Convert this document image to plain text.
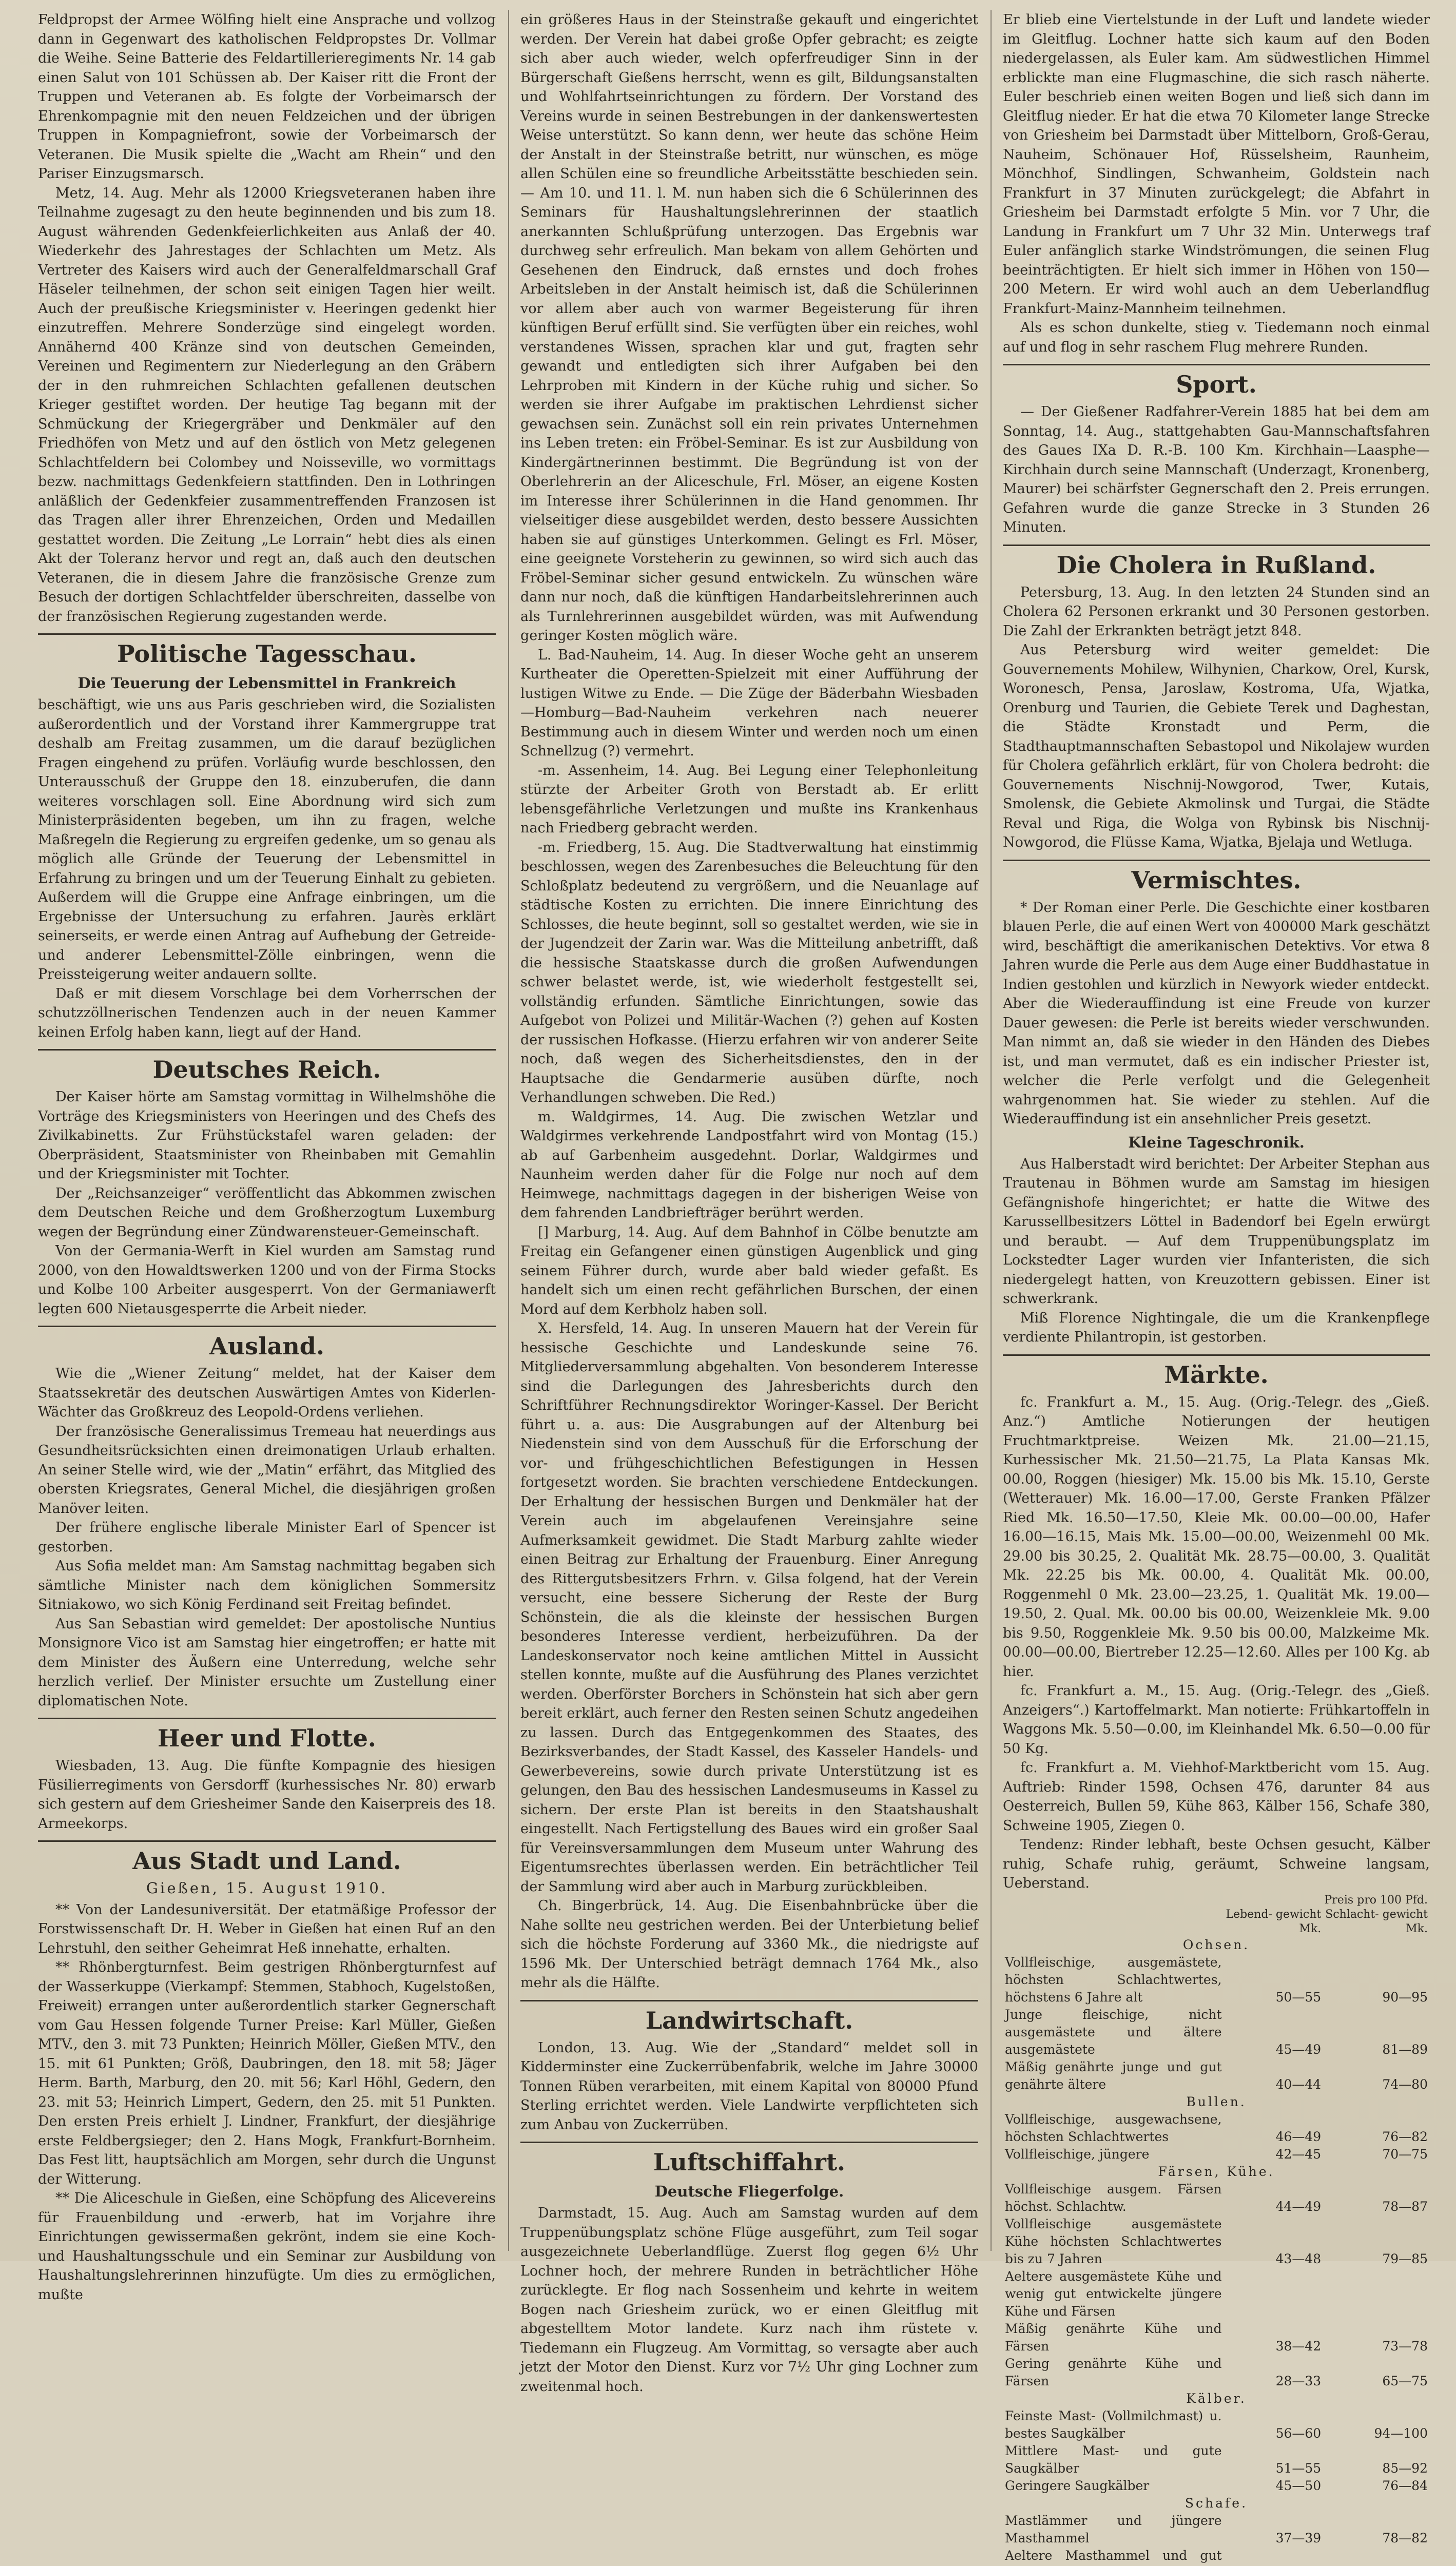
Feldpropst der Armee Wölfing hielt eine Ansprache und vollzog dann in Gegenwart des katholischen Feldpropstes Dr. Vollmar die Weihe. Seine Batterie des Feldartillerieregiments Nr. 14 gab einen Salut von 101 Schüssen ab. Der Kaiser ritt die Front der Truppen und Veteranen ab. Es folgte der Vorbeimarsch der Ehrenkompagnie mit den neuen Feldzeichen und der übrigen Truppen in Kompagniefront, sowie der Vorbeimarsch der Veteranen. Die Musik spielte die „Wacht am Rhein“ und den Pariser Einzugsmarsch.

Metz, 14. Aug. Mehr als 12000 Kriegsveteranen haben ihre Teilnahme zugesagt zu den heute beginnenden und bis zum 18. August währenden Gedenkfeierlichkeiten aus Anlaß der 40. Wiederkehr des Jahrestages der Schlachten um Metz. Als Vertreter des Kaisers wird auch der Generalfeldmarschall Graf Häseler teilnehmen, der schon seit einigen Tagen hier weilt. Auch der preußische Kriegsminister v. Heeringen gedenkt hier einzutreffen. Mehrere Sonderzüge sind eingelegt worden. Annähernd 400 Kränze sind von deutschen Gemeinden, Vereinen und Regimentern zur Niederlegung an den Gräbern der in den ruhmreichen Schlachten gefallenen deutschen Krieger gestiftet worden. Der heutige Tag begann mit der Schmückung der Kriegergräber und Denkmäler auf den Friedhöfen von Metz und auf den östlich von Metz gelegenen Schlachtfeldern bei Colombey und Noisseville, wo vormittags bezw. nachmittags Gedenkfeiern stattfinden. Den in Lothringen anläßlich der Gedenkfeier zusammentreffenden Franzosen ist das Tragen aller ihrer Ehrenzeichen, Orden und Medaillen gestattet worden. Die Zeitung „Le Lorrain“ hebt dies als einen Akt der Toleranz hervor und regt an, daß auch den deutschen Veteranen, die in diesem Jahre die französische Grenze zum Besuch der dortigen Schlachtfelder überschreiten, dasselbe von der französischen Regierung zugestanden werde.

Politische Tagesschau.
Die Teuerung der Lebensmittel in Frankreich

beschäftigt, wie uns aus Paris geschrieben wird, die Sozialisten außerordentlich und der Vorstand ihrer Kammergruppe trat deshalb am Freitag zusammen, um die darauf bezüglichen Fragen eingehend zu prüfen. Vorläufig wurde beschlossen, den Unterausschuß der Gruppe den 18. einzuberufen, die dann weiteres vorschlagen soll. Eine Abordnung wird sich zum Ministerpräsidenten begeben, um ihn zu fragen, welche Maßregeln die Regierung zu ergreifen gedenke, um so genau als möglich alle Gründe der Teuerung der Lebensmittel in Erfahrung zu bringen und um der Teuerung Einhalt zu gebieten. Außerdem will die Gruppe eine Anfrage einbringen, um die Ergebnisse der Untersuchung zu erfahren. Jaurès erklärt seinerseits, er werde einen Antrag auf Aufhebung der Getreide- und anderer Lebensmittel-Zölle einbringen, wenn die Preissteigerung weiter andauern sollte.

Daß er mit diesem Vorschlage bei dem Vorherrschen der schutzzöllnerischen Tendenzen auch in der neuen Kammer keinen Erfolg haben kann, liegt auf der Hand.

Deutsches Reich.

Der Kaiser hörte am Samstag vormittag in Wilhelmshöhe die Vorträge des Kriegsministers von Heeringen und des Chefs des Zivilkabinetts. Zur Frühstückstafel waren geladen: der Oberpräsident, Staatsminister von Rheinbaben mit Gemahlin und der Kriegsminister mit Tochter.

Der „Reichsanzeiger“ veröffentlicht das Abkommen zwischen dem Deutschen Reiche und dem Großherzogtum Luxemburg wegen der Begründung einer Zündwarensteuer-Gemeinschaft.

Von der Germania-Werft in Kiel wurden am Samstag rund 2000, von den Howaldtswerken 1200 und von der Firma Stocks und Kolbe 100 Arbeiter ausgesperrt. Von der Germaniawerft legten 600 Nietausgesperrte die Arbeit nieder.

Ausland.

Wie die „Wiener Zeitung“ meldet, hat der Kaiser dem Staatssekretär des deutschen Auswärtigen Amtes von Kiderlen-Wächter das Großkreuz des Leopold-Ordens verliehen.

Der französische Generalissimus Tremeau hat neuerdings aus Gesundheitsrücksichten einen dreimonatigen Urlaub erhalten. An seiner Stelle wird, wie der „Matin“ erfährt, das Mitglied des obersten Kriegsrates, General Michel, die diesjährigen großen Manöver leiten.

Der frühere englische liberale Minister Earl of Spencer ist gestorben.

Aus Sofia meldet man: Am Samstag nachmittag begaben sich sämtliche Minister nach dem königlichen Sommersitz Sitniakowo, wo sich König Ferdinand seit Freitag befindet.

Aus San Sebastian wird gemeldet: Der apostolische Nuntius Monsignore Vico ist am Samstag hier eingetroffen; er hatte mit dem Minister des Äußern eine Unterredung, welche sehr herzlich verlief. Der Minister ersuchte um Zustellung einer diplomatischen Note.

Heer und Flotte.

Wiesbaden, 13. Aug. Die fünfte Kompagnie des hiesigen Füsilierregiments von Gersdorff (kurhessisches Nr. 80) erwarb sich gestern auf dem Griesheimer Sande den Kaiserpreis des 18. Armeekorps.

Aus Stadt und Land.
Gießen, 15. August 1910.

** Von der Landesuniversität. Der etatmäßige Professor der Forstwissenschaft Dr. H. Weber in Gießen hat einen Ruf an den Lehrstuhl, den seither Geheimrat Heß innehatte, erhalten.

** Rhönbergturnfest. Beim gestrigen Rhönbergturnfest auf der Wasserkuppe (Vierkampf: Stemmen, Stabhoch, Kugelstoßen, Freiweit) errangen unter außerordentlich starker Gegnerschaft vom Gau Hessen folgende Turner Preise: Karl Müller, Gießen MTV., den 3. mit 73 Punkten; Heinrich Möller, Gießen MTV., den 15. mit 61 Punkten; Größ, Daubringen, den 18. mit 58; Jäger Herm. Barth, Marburg, den 20. mit 56; Karl Höhl, Gedern, den 23. mit 53; Heinrich Limpert, Gedern, den 25. mit 51 Punkten. Den ersten Preis erhielt J. Lindner, Frankfurt, der diesjährige erste Feldbergsieger; den 2. Hans Mogk, Frankfurt-Bornheim. Das Fest litt, hauptsächlich am Morgen, sehr durch die Ungunst der Witterung.

** Die Aliceschule in Gießen, eine Schöpfung des Alicevereins für Frauenbildung und -erwerb, hat im Vorjahre ihre Einrichtungen gewissermaßen gekrönt, indem sie eine Koch- und Haushaltungsschule und ein Seminar zur Ausbildung von Haushaltungslehrerinnen hinzufügte. Um dies zu ermöglichen, mußte

ein größeres Haus in der Steinstraße gekauft und eingerichtet werden. Der Verein hat dabei große Opfer gebracht; es zeigte sich aber auch wieder, welch opferfreudiger Sinn in der Bürgerschaft Gießens herrscht, wenn es gilt, Bildungsanstalten und Wohlfahrtseinrichtungen zu fördern. Der Vorstand des Vereins wurde in seinen Bestrebungen in der dankenswertesten Weise unterstützt. So kann denn, wer heute das schöne Heim der Anstalt in der Steinstraße betritt, nur wünschen, es möge allen Schülen eine so freundliche Arbeitsstätte beschieden sein. — Am 10. und 11. l. M. nun haben sich die 6 Schülerinnen des Seminars für Haushaltungslehrerinnen der staatlich anerkannten Schlußprüfung unterzogen. Das Ergebnis war durchweg sehr erfreulich. Man bekam von allem Gehörten und Gesehenen den Eindruck, daß ernstes und doch frohes Arbeitsleben in der Anstalt heimisch ist, daß die Schülerinnen vor allem aber auch von warmer Begeisterung für ihren künftigen Beruf erfüllt sind. Sie verfügten über ein reiches, wohl verstandenes Wissen, sprachen klar und gut, fragten sehr gewandt und entledigten sich ihrer Aufgaben bei den Lehrproben mit Kindern in der Küche ruhig und sicher. So werden sie ihrer Aufgabe im praktischen Lehrdienst sicher gewachsen sein. Zunächst soll ein rein privates Unternehmen ins Leben treten: ein Fröbel-Seminar. Es ist zur Ausbildung von Kindergärtnerinnen bestimmt. Die Begründung ist von der Oberlehrerin an der Aliceschule, Frl. Möser, an eigene Kosten im Interesse ihrer Schülerinnen in die Hand genommen. Ihr vielseitiger diese ausgebildet werden, desto bessere Aussichten haben sie auf günstiges Unterkommen. Gelingt es Frl. Möser, eine geeignete Vorsteherin zu gewinnen, so wird sich auch das Fröbel-Seminar sicher gesund entwickeln. Zu wünschen wäre dann nur noch, daß die künftigen Handarbeitslehrerinnen auch als Turnlehrerinnen ausgebildet würden, was mit Aufwendung geringer Kosten möglich wäre.

L. Bad-Nauheim, 14. Aug. In dieser Woche geht an unserem Kurtheater die Operetten-Spielzeit mit einer Aufführung der lustigen Witwe zu Ende. — Die Züge der Bäderbahn Wiesbaden—Homburg—Bad-Nauheim verkehren nach neuerer Bestimmung auch in diesem Winter und werden noch um einen Schnellzug (?) vermehrt.

-m. Assenheim, 14. Aug. Bei Legung einer Telephonleitung stürzte der Arbeiter Groth von Berstadt ab. Er erlitt lebensgefährliche Verletzungen und mußte ins Krankenhaus nach Friedberg gebracht werden.

-m. Friedberg, 15. Aug. Die Stadtverwaltung hat einstimmig beschlossen, wegen des Zarenbesuches die Beleuchtung für den Schloßplatz bedeutend zu vergrößern, und die Neuanlage auf städtische Kosten zu errichten. Die innere Einrichtung des Schlosses, die heute beginnt, soll so gestaltet werden, wie sie in der Jugendzeit der Zarin war. Was die Mitteilung anbetrifft, daß die hessische Staatskasse durch die großen Aufwendungen schwer belastet werde, ist, wie wiederholt festgestellt sei, vollständig erfunden. Sämtliche Einrichtungen, sowie das Aufgebot von Polizei und Militär-Wachen (?) gehen auf Kosten der russischen Hofkasse. (Hierzu erfahren wir von anderer Seite noch, daß wegen des Sicherheitsdienstes, den in der Hauptsache die Gendarmerie ausüben dürfte, noch Verhandlungen schweben. Die Red.)

m. Waldgirmes, 14. Aug. Die zwischen Wetzlar und Waldgirmes verkehrende Landpostfahrt wird von Montag (15.) ab auf Garbenheim ausgedehnt. Dorlar, Waldgirmes und Naunheim werden daher für die Folge nur noch auf dem Heimwege, nachmittags dagegen in der bisherigen Weise von dem fahrenden Landbriefträger berührt werden.

[] Marburg, 14. Aug. Auf dem Bahnhof in Cölbe benutzte am Freitag ein Gefangener einen günstigen Augenblick und ging seinem Führer durch, wurde aber bald wieder gefaßt. Es handelt sich um einen recht gefährlichen Burschen, der einen Mord auf dem Kerbholz haben soll.

X. Hersfeld, 14. Aug. In unseren Mauern hat der Verein für hessische Geschichte und Landeskunde seine 76. Mitgliederversammlung abgehalten. Von besonderem Interesse sind die Darlegungen des Jahresberichts durch den Schriftführer Rechnungsdirektor Woringer-Kassel. Der Bericht führt u. a. aus: Die Ausgrabungen auf der Altenburg bei Niedenstein sind von dem Ausschuß für die Erforschung der vor- und frühgeschichtlichen Befestigungen in Hessen fortgesetzt worden. Sie brachten verschiedene Entdeckungen. Der Erhaltung der hessischen Burgen und Denkmäler hat der Verein auch im abgelaufenen Vereinsjahre seine Aufmerksamkeit gewidmet. Die Stadt Marburg zahlte wieder einen Beitrag zur Erhaltung der Frauenburg. Einer Anregung des Rittergutsbesitzers Frhrn. v. Gilsa folgend, hat der Verein versucht, eine bessere Sicherung der Reste der Burg Schönstein, die als die kleinste der hessischen Burgen besonderes Interesse verdient, herbeizuführen. Da der Landeskonservator noch keine amtlichen Mittel in Aussicht stellen konnte, mußte auf die Ausführung des Planes verzichtet werden. Oberförster Borchers in Schönstein hat sich aber gern bereit erklärt, auch ferner den Resten seinen Schutz angedeihen zu lassen. Durch das Entgegenkommen des Staates, des Bezirksverbandes, der Stadt Kassel, des Kasseler Handels- und Gewerbevereins, sowie durch private Unterstützung ist es gelungen, den Bau des hessischen Landesmuseums in Kassel zu sichern. Der erste Plan ist bereits in den Staatshaushalt eingestellt. Nach Fertigstellung des Baues wird ein großer Saal für Vereinsversammlungen dem Museum unter Wahrung des Eigentumsrechtes überlassen werden. Ein beträchtlicher Teil der Sammlung wird aber auch in Marburg zurückbleiben.

Ch. Bingerbrück, 14. Aug. Die Eisenbahnbrücke über die Nahe sollte neu gestrichen werden. Bei der Unterbietung belief sich die höchste Forderung auf 3360 Mk., die niedrigste auf 1596 Mk. Der Unterschied beträgt demnach 1764 Mk., also mehr als die Hälfte.

Landwirtschaft.

London, 13. Aug. Wie der „Standard“ meldet soll in Kidderminster eine Zuckerrübenfabrik, welche im Jahre 30000 Tonnen Rüben verarbeiten, mit einem Kapital von 80000 Pfund Sterling errichtet werden. Viele Landwirte verpflichteten sich zum Anbau von Zuckerrüben.

Luftschiffahrt.
Deutsche Fliegerfolge.

Darmstadt, 15. Aug. Auch am Samstag wurden auf dem Truppenübungsplatz schöne Flüge ausgeführt, zum Teil sogar ausgezeichnete Ueberlandflüge. Zuerst flog gegen 6½ Uhr Lochner hoch, der mehrere Runden in beträchtlicher Höhe zurücklegte. Er flog nach Sossenheim und kehrte in weitem Bogen nach Griesheim zurück, wo er einen Gleitflug mit abgestelltem Motor landete. Kurz nach ihm rüstete v. Tiedemann ein Flugzeug. Am Vormittag, so versagte aber auch jetzt der Motor den Dienst. Kurz vor 7½ Uhr ging Lochner zum zweitenmal hoch.

Er blieb eine Viertelstunde in der Luft und landete wieder im Gleitflug. Lochner hatte sich kaum auf den Boden niedergelassen, als Euler kam. Am südwestlichen Himmel erblickte man eine Flugmaschine, die sich rasch näherte. Euler beschrieb einen weiten Bogen und ließ sich dann im Gleitflug nieder. Er hat die etwa 70 Kilometer lange Strecke von Griesheim bei Darmstadt über Mittelborn, Groß-Gerau, Nauheim, Schönauer Hof, Rüsselsheim, Raunheim, Mönchhof, Sindlingen, Schwanheim, Goldstein nach Frankfurt in 37 Minuten zurückgelegt; die Abfahrt in Griesheim bei Darmstadt erfolgte 5 Min. vor 7 Uhr, die Landung in Frankfurt um 7 Uhr 32 Min. Unterwegs traf Euler anfänglich starke Windströmungen, die seinen Flug beeinträchtigten. Er hielt sich immer in Höhen von 150—200 Metern. Er wird wohl auch an dem Ueberlandflug Frankfurt-Mainz-Mannheim teilnehmen.

Als es schon dunkelte, stieg v. Tiedemann noch einmal auf und flog in sehr raschem Flug mehrere Runden.

Sport.

— Der Gießener Radfahrer-Verein 1885 hat bei dem am Sonntag, 14. Aug., stattgehabten Gau-Mannschaftsfahren des Gaues IXa D. R.-B. 100 Km. Kirchhain—Laasphe—Kirchhain durch seine Mannschaft (Underzagt, Kronenberg, Maurer) bei schärfster Gegnerschaft den 2. Preis errungen. Gefahren wurde die ganze Strecke in 3 Stunden 26 Minuten.

Die Cholera in Rußland.

Petersburg, 13. Aug. In den letzten 24 Stunden sind an Cholera 62 Personen erkrankt und 30 Personen gestorben. Die Zahl der Erkrankten beträgt jetzt 848.

Aus Petersburg wird weiter gemeldet: Die Gouvernements Mohilew, Wilhynien, Charkow, Orel, Kursk, Woronesch, Pensa, Jaroslaw, Kostroma, Ufa, Wjatka, Orenburg und Taurien, die Gebiete Terek und Daghestan, die Städte Kronstadt und Perm, die Stadthauptmannschaften Sebastopol und Nikolajew wurden für Cholera gefährlich erklärt, für von Cholera bedroht: die Gouvernements Nischnij-Nowgorod, Twer, Kutais, Smolensk, die Gebiete Akmolinsk und Turgai, die Städte Reval und Riga, die Wolga von Rybinsk bis Nischnij-Nowgorod, die Flüsse Kama, Wjatka, Bjelaja und Wetluga.

Vermischtes.

* Der Roman einer Perle. Die Geschichte einer kostbaren blauen Perle, die auf einen Wert von 400000 Mark geschätzt wird, beschäftigt die amerikanischen Detektivs. Vor etwa 8 Jahren wurde die Perle aus dem Auge einer Buddhastatue in Indien gestohlen und kürzlich in Newyork wieder entdeckt. Aber die Wiederauffindung ist eine Freude von kurzer Dauer gewesen: die Perle ist bereits wieder verschwunden. Man nimmt an, daß sie wieder in den Händen des Diebes ist, und man vermutet, daß es ein indischer Priester ist, welcher die Perle verfolgt und die Gelegenheit wahrgenommen hat. Sie wieder zu stehlen. Auf die Wiederauffindung ist ein ansehnlicher Preis gesetzt.

Kleine Tageschronik.

Aus Halberstadt wird berichtet: Der Arbeiter Stephan aus Trautenau in Böhmen wurde am Samstag im hiesigen Gefängnishofe hingerichtet; er hatte die Witwe des Karussellbesitzers Löttel in Badendorf bei Egeln erwürgt und beraubt. — Auf dem Truppenübungsplatz im Lockstedter Lager wurden vier Infanteristen, die sich niedergelegt hatten, von Kreuzottern gebissen. Einer ist schwerkrank.

Miß Florence Nightingale, die um die Krankenpflege verdiente Philantropin, ist gestorben.

Märkte.

fc. Frankfurt a. M., 15. Aug. (Orig.-Telegr. des „Gieß. Anz.“) Amtliche Notierungen der heutigen Fruchtmarktpreise. Weizen Mk. 21.00—21.15, Kurhessischer Mk. 21.50—21.75, La Plata Kansas Mk. 00.00, Roggen (hiesiger) Mk. 15.00 bis Mk. 15.10, Gerste (Wetterauer) Mk. 16.00—17.00, Gerste Franken Pfälzer Ried Mk. 16.50—17.50, Kleie Mk. 00.00—00.00, Hafer 16.00—16.15, Mais Mk. 15.00—00.00, Weizenmehl 00 Mk. 29.00 bis 30.25, 2. Qualität Mk. 28.75—00.00, 3. Qualität Mk. 22.25 bis Mk. 00.00, 4. Qualität Mk. 00.00, Roggenmehl 0 Mk. 23.00—23.25, 1. Qualität Mk. 19.00—19.50, 2. Qual. Mk. 00.00 bis 00.00, Weizenkleie Mk. 9.00 bis 9.50, Roggenkleie Mk. 9.50 bis 00.00, Malzkeime Mk. 00.00—00.00, Biertreber 12.25—12.60. Alles per 100 Kg. ab hier.

fc. Frankfurt a. M., 15. Aug. (Orig.-Telegr. des „Gieß. Anzeigers“.) Kartoffelmarkt. Man notierte: Frühkartoffeln in Waggons Mk. 5.50—0.00, im Kleinhandel Mk. 6.50—0.00 für 50 Kg.

fc. Frankfurt a. M. Viehhof-Marktbericht vom 15. Aug. Auftrieb: Rinder 1598, Ochsen 476, darunter 84 aus Oesterreich, Bullen 59, Kühe 863, Kälber 156, Schafe 380, Schweine 1905, Ziegen 0.

Tendenz: Rinder lebhaft, beste Ochsen gesucht, Kälber ruhig, Schafe ruhig, geräumt, Schweine langsam, Ueberstand.

	Preis pro 100 Pfd.	
	Lebend- gewicht	Schlacht- gewicht
	Mk.	Mk.
Ochsen.		
Vollfleischige, ausgemästete, höchsten Schlachtwertes, höchstens 6 Jahre alt	50—55	90—95
Junge fleischige, nicht ausgemästete und ältere ausgemästete	45—49	81—89
Mäßig genährte junge und gut genährte ältere	40—44	74—80
Bullen.		
Vollfleischige, ausgewachsene, höchsten Schlachtwertes	46—49	76—82
Vollfleischige, jüngere	42—45	70—75
Färsen, Kühe.		
Vollfleischige ausgem. Färsen höchst. Schlachtw.	44—49	78—87
Vollfleischige ausgemästete Kühe höchsten Schlachtwertes bis zu 7 Jahren	43—48	79—85
Aeltere ausgemästete Kühe und wenig gut entwickelte jüngere Kühe und Färsen		
Mäßig genährte Kühe und Färsen	38—42	73—78
Gering genährte Kühe und Färsen	28—33	65—75
Kälber.		
Feinste Mast- (Vollmilchmast) u. bestes Saugkälber	56—60	94—100
Mittlere Mast- und gute Saugkälber	51—55	85—92
Geringere Saugkälber	45—50	76—84
Schafe.		
Mastlämmer und jüngere Masthammel	37—39	78—82
Aeltere Masthammel und gut		
